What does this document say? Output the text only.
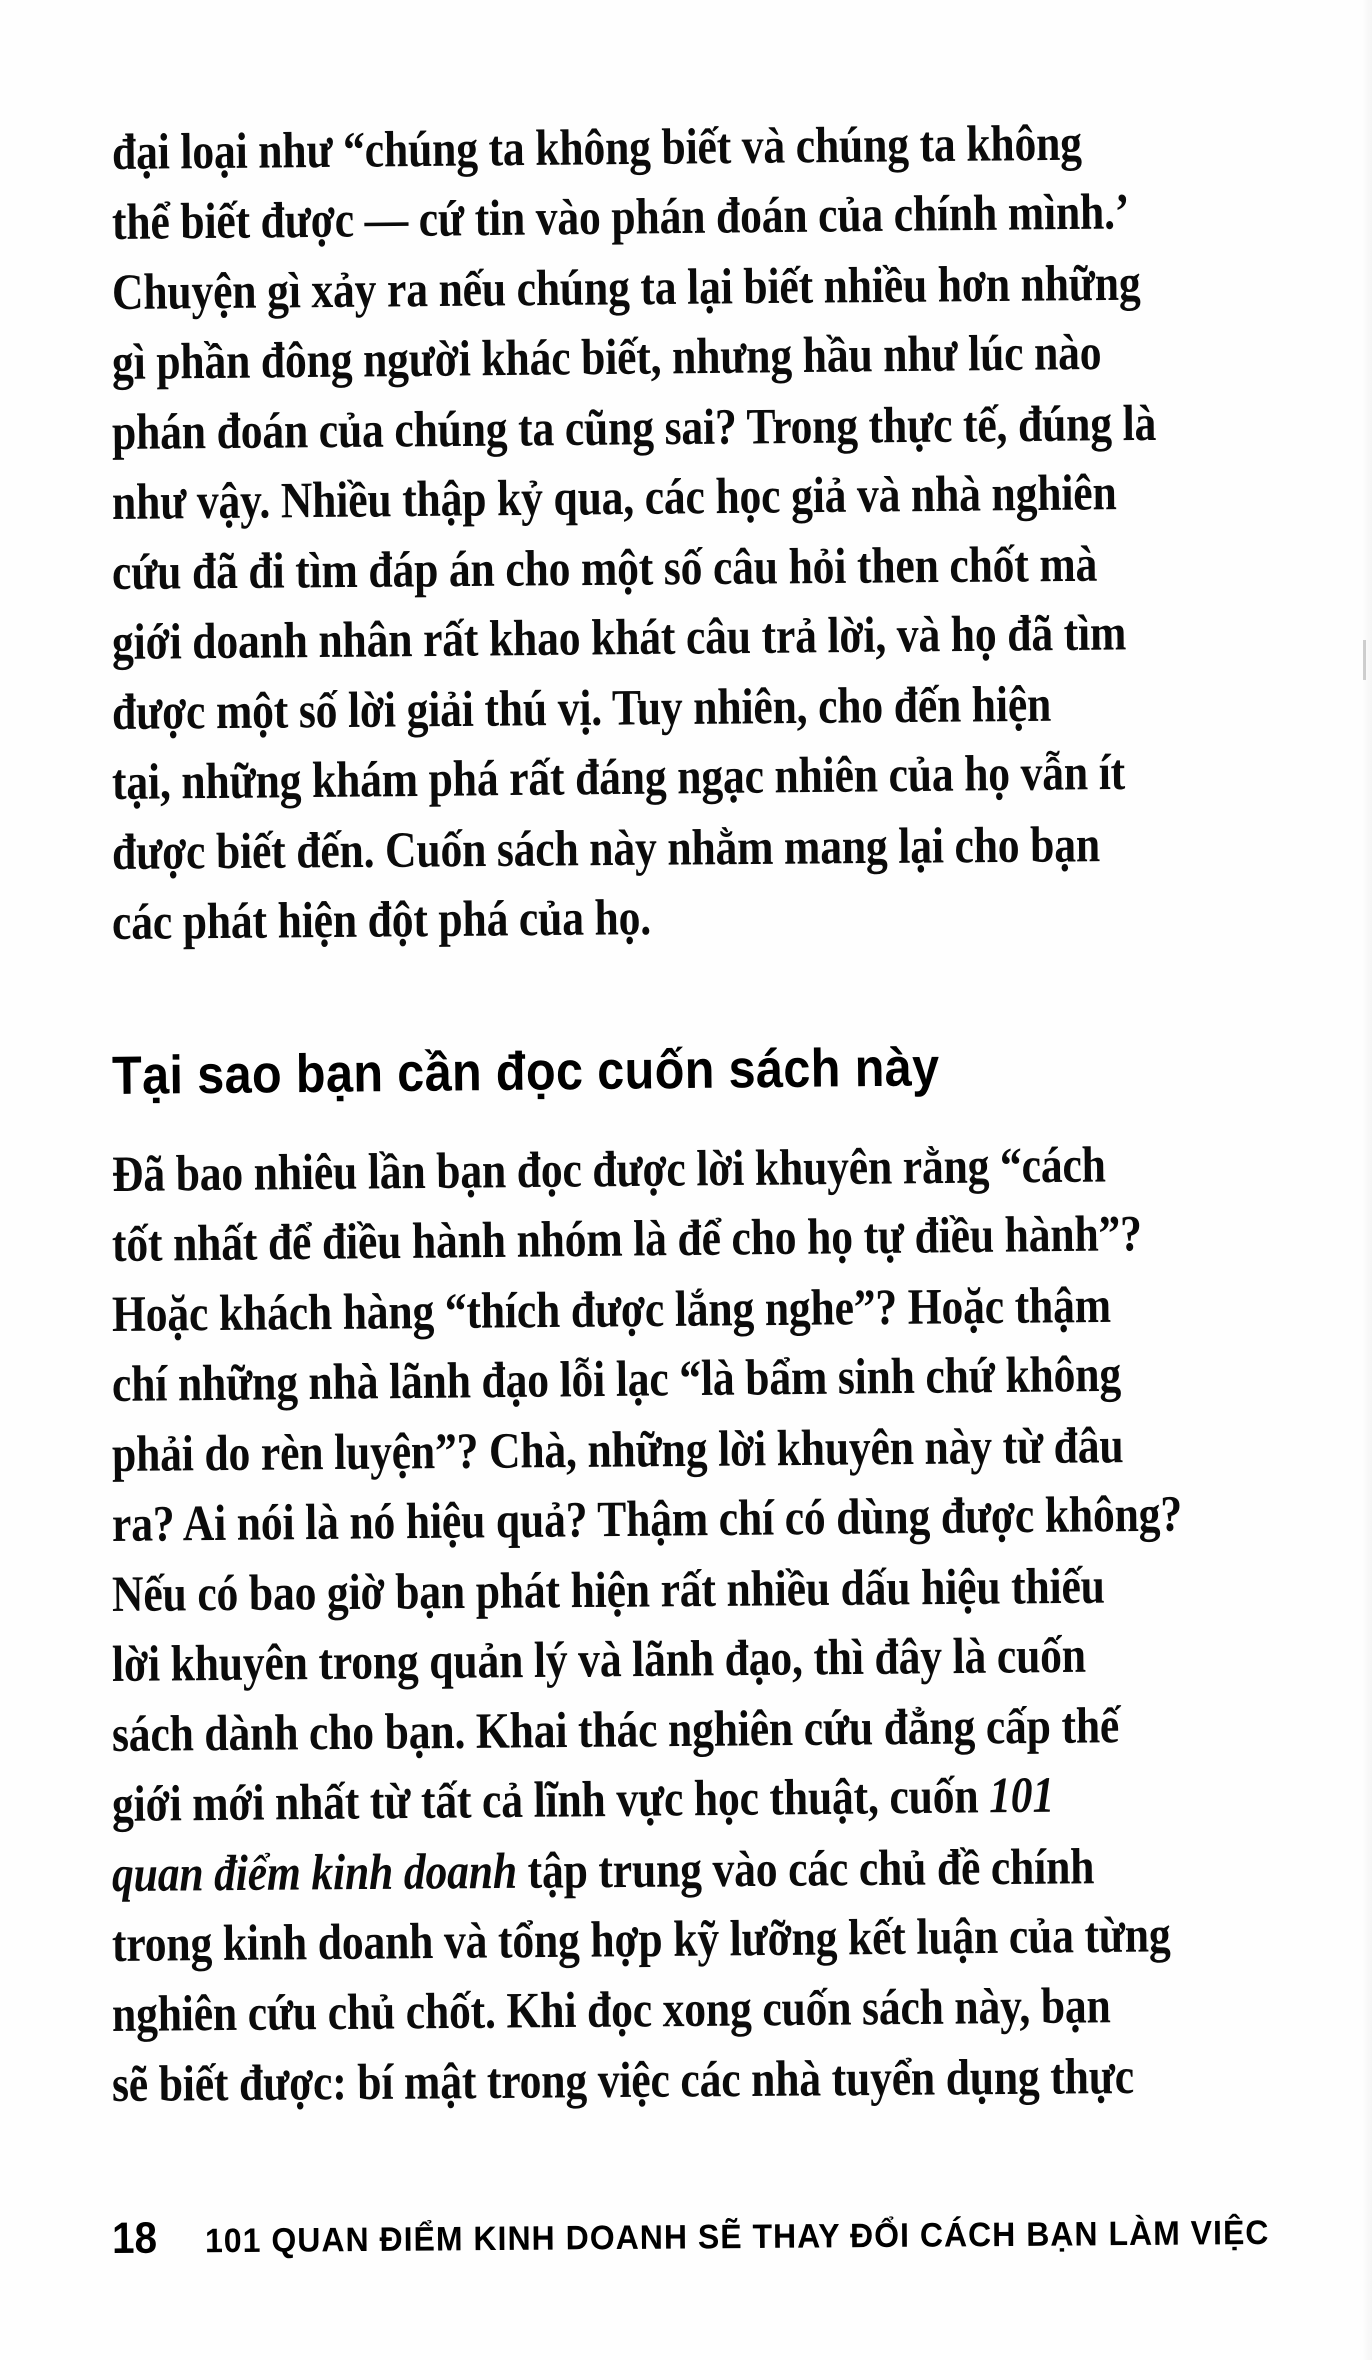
đại loại như “chúng ta không biết và chúng ta không
thể biết được — cứ tin vào phán đoán của chính mình.’
Chuyện gì xảy ra nếu chúng ta lại biết nhiều hơn những
gì phần đông người khác biết, nhưng hầu như lúc nào
phán đoán của chúng ta cũng sai? Trong thực tế, đúng là
như vậy. Nhiều thập kỷ qua, các học giả và nhà nghiên
cứu đã đi tìm đáp án cho một số câu hỏi then chốt mà
giới doanh nhân rất khao khát câu trả lời, và họ đã tìm
được một số lời giải thú vị. Tuy nhiên, cho đến hiện
tại, những khám phá rất đáng ngạc nhiên của họ vẫn ít
được biết đến. Cuốn sách này nhằm mang lại cho bạn
các phát hiện đột phá của họ.
Tại sao bạn cần đọc cuốn sách này
Đã bao nhiêu lần bạn đọc được lời khuyên rằng “cách
tốt nhất để điều hành nhóm là để cho họ tự điều hành”?
Hoặc khách hàng “thích được lắng nghe”? Hoặc thậm
chí những nhà lãnh đạo lỗi lạc “là bẩm sinh chứ không
phải do rèn luyện”? Chà, những lời khuyên này từ đâu
ra? Ai nói là nó hiệu quả? Thậm chí có dùng được không?
Nếu có bao giờ bạn phát hiện rất nhiều dấu hiệu thiếu
lời khuyên trong quản lý và lãnh đạo, thì đây là cuốn
sách dành cho bạn. Khai thác nghiên cứu đẳng cấp thế
giới mới nhất từ tất cả lĩnh vực học thuật, cuốn 101
quan điểm kinh doanh tập trung vào các chủ đề chính
trong kinh doanh và tổng hợp kỹ lưỡng kết luận của từng
nghiên cứu chủ chốt. Khi đọc xong cuốn sách này, bạn
sẽ biết được: bí mật trong việc các nhà tuyển dụng thực
18 101 QUAN ĐIỂM KINH DOANH SẼ THAY ĐỔI CÁCH BẠN LÀM VIỆC
